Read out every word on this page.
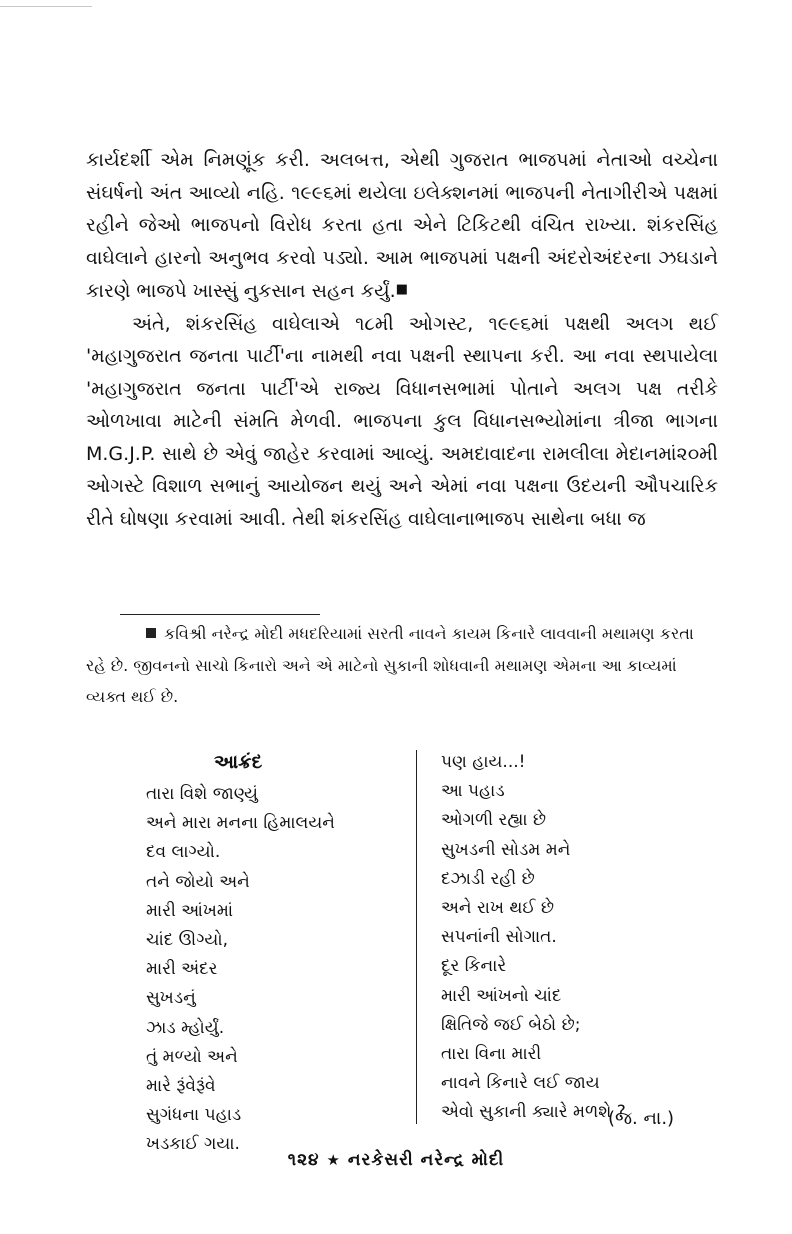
કાર્યદર્શી એમ નિમણૂંક કરી. અલબત્ત, એથી ગુજરાત ભાજપમાં નેતાઓ વચ્ચેના સંઘર્ષનો અંત આવ્યો નહિ. ૧૯૯૬માં થયેલા ઇલેક્શનમાં ભાજપની નેતાગીરીએ પક્ષમાં રહીને જેઓ ભાજપનો વિરોધ કરતા હતા એને ટિકિટથી વંચિત રાખ્યા. શંકરસિંહ વાઘેલાને હારનો અનુભવ કરવો પડ્યો. આમ ભાજપમાં પક્ષની અંદરોઅંદરના ઝઘડાને કારણે ભાજપે ખાસ્સું નુકસાન સહન કર્યું.■

અંતે, શંકરસિંહ વાઘેલાએ ૧૮મી ઓગસ્ટ, ૧૯૯૬માં પક્ષથી અલગ થઈ 'મહાગુજરાત જનતા પાર્ટી'ના નામથી નવા પક્ષની સ્થાપના કરી. આ નવા સ્થપાયેલા 'મહાગુજરાત જનતા પાર્ટી'એ રાજ્ય વિધાનસભામાં પોતાને અલગ પક્ષ તરીકે ઓળખાવા માટેની સંમતિ મેળવી. ભાજપના કુલ વિધાનસભ્યોમાંના ત્રીજા ભાગના M.G.J.P. સાથે છે એવું જાહેર કરવામાં આવ્યું. અમદાવાદના રામલીલા મેદાનમાં૨૦મી ઓગસ્ટે વિશાળ સભાનું આયોજન થયું અને એમાં નવા પક્ષના ઉદયની ઔપચારિક રીતે ઘોષણા કરવામાં આવી. તેથી શંકરસિંહ વાઘેલાનાભાજપ સાથેના બધા જ

કવિશ્રી નરેન્દ્ર મોદી મધદરિયામાં સરતી નાવને કાયમ કિનારે લાવવાની મથામણ કરતા રહે છે. જીવનનો સાચો કિનારો અને એ માટેનો સુકાની શોધવાની મથામણ એમના આ કાવ્યમાં વ્યક્ત થઈ છે.

આક્રંદ
તારા વિશે જાણ્યું
અને મારા મનના હિમાલયને
દવ લાગ્યો.
તને જોયો અને
મારી આંખમાં
ચાંદ ઊગ્યો,
મારી અંદર
સુખડનું
ઝાડ મ્હોર્યું.
તું મળ્યો અને
મારે રૂંવેરૂંવે
સુગંધના પહાડ
ખડકાઈ ગયા.
પણ હાય...!
આ પહાડ
ઓગળી રહ્યા છે
સુખડની સોડમ મને
દઝાડી રહી છે
અને રાખ થઈ છે
સપનાંની સોગાત.
દૂર કિનારે
મારી આંખનો ચાંદ
ક્ષિતિજે જઈ બેઠો છે;
તારા વિના મારી
નાવને કિનારે લઈ જાય
એવો સુકાની ક્યારે મળશે ?
(જ. ના.)
૧૨૪ ★ નરકેસરી નરેન્દ્ર મોદી
